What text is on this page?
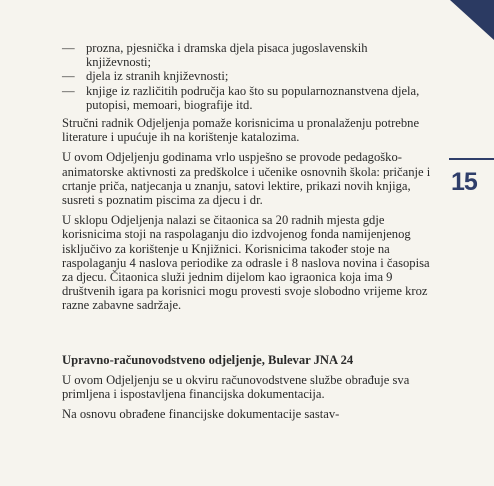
15
— prozna, pjesnička i dramska djela pisaca jugoslavenskih književnosti;
— djela iz stranih književnosti;
— knjige iz različitih područja kao što su popularnoznanstvena djela, putopisi, memoari, biografije itd.

Stručni radnik Odjeljenja pomaže korisnicima u pronalaženju potrebne literature i upućuje ih na korištenje katalozima.

U ovom Odjeljenju godinama vrlo uspješno se provode pedagoško-animatorske aktivnosti za predškolce i učenike osnovnih škola: pričanje i crtanje priča, natjecanja u znanju, satovi lektire, prikazi novih knjiga, susreti s poznatim piscima za djecu i dr.

U sklopu Odjeljenja nalazi se čitaonica sa 20 radnih mjesta gdje korisnicima stoji na raspolaganju dio izdvojenog fonda namijenjenog isključivo za korištenje u Knjižnici. Korisnicima također stoje na raspolaganju 4 naslova periodike za odrasle i 8 naslova novina i časopisa za djecu. Čitaonica služi jednim dijelom kao igraonica koja ima 9 društvenih igara pa korisnici mogu provesti svoje slobodno vrijeme kroz razne zabavne sadržaje.

Upravno-računovodstveno odjeljenje, Bulevar JNA 24

U ovom Odjeljenju se u okviru računovodstvene službe obrađuje sva primljena i ispostavljena financijska dokumentacija.

Na osnovu obrađene financijske dokumentacije sastav-
